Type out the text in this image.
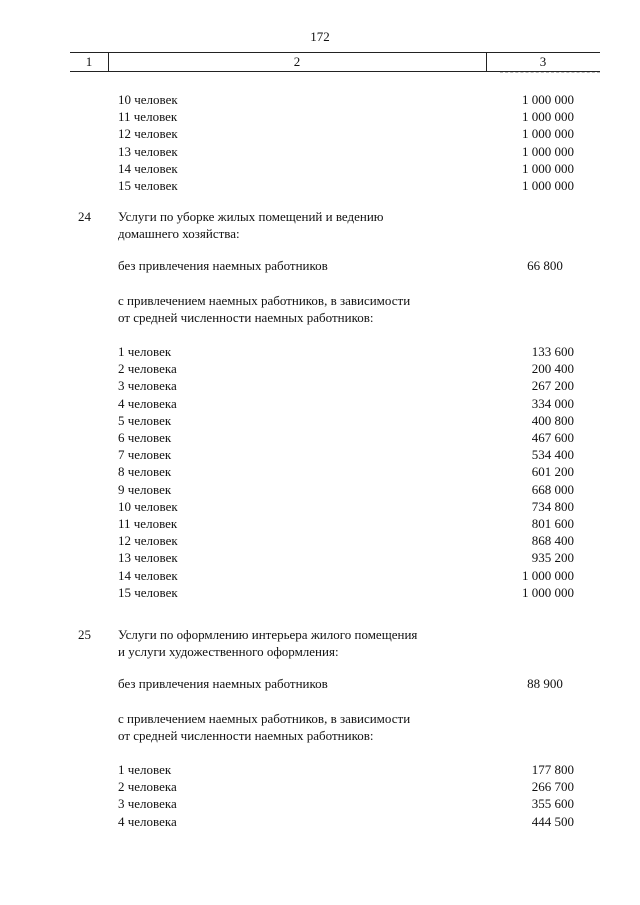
172
1	2	3
10 человек	1 000 000
11 человек	1 000 000
12 человек	1 000 000
13 человек	1 000 000
14 человек	1 000 000
15 человек	1 000 000
24 Услуги по уборке жилых помещений и ведению
домашнего хозяйства:
без привлечения наемных работников	66 800
с привлечением наемных работников, в зависимости
от средней численности наемных работников:
1 человек	133 600
2 человека	200 400
3 человека	267 200
4 человека	334 000
5 человек	400 800
6 человек	467 600
7 человек	534 400
8 человек	601 200
9 человек	668 000
10 человек	734 800
11 человек	801 600
12 человек	868 400
13 человек	935 200
14 человек	1 000 000
15 человек	1 000 000
25 Услуги по оформлению интерьера жилого помещения
и услуги художественного оформления:
без привлечения наемных работников	88 900
с привлечением наемных работников, в зависимости
от средней численности наемных работников:
1 человек	177 800
2 человека	266 700
3 человека	355 600
4 человека	444 500
